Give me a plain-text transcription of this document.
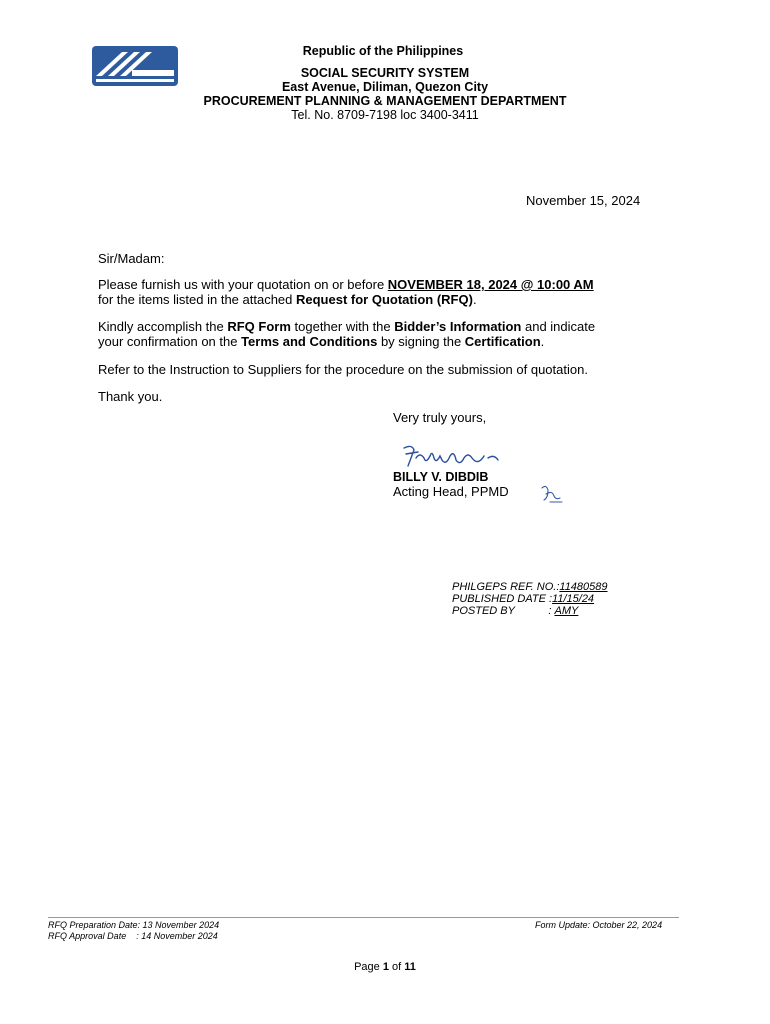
Republic of the Philippines
SOCIAL SECURITY SYSTEM
East Avenue, Diliman, Quezon City
PROCUREMENT PLANNING & MANAGEMENT DEPARTMENT
Tel. No. 8709-7198 loc 3400-3411
November 15, 2024
Sir/Madam:
Please furnish us with your quotation on or before NOVEMBER 18, 2024 @ 10:00 AM
for the items listed in the attached Request for Quotation (RFQ).
Kindly accomplish the RFQ Form together with the Bidder’s Information and indicate
your confirmation on the Terms and Conditions by signing the Certification.
Refer to the Instruction to Suppliers for the procedure on the submission of quotation.
Thank you.
Very truly yours,
BILLY V. DIBDIB
Acting Head, PPMD
PHILGEPS REF. NO.:11480589
PUBLISHED DATE :11/15/24
POSTED BY           : AMY
RFQ Preparation Date: 13 November 2024
RFQ Approval Date    : 14 November 2024
Form Update: October 22, 2024
Page 1 of 11
